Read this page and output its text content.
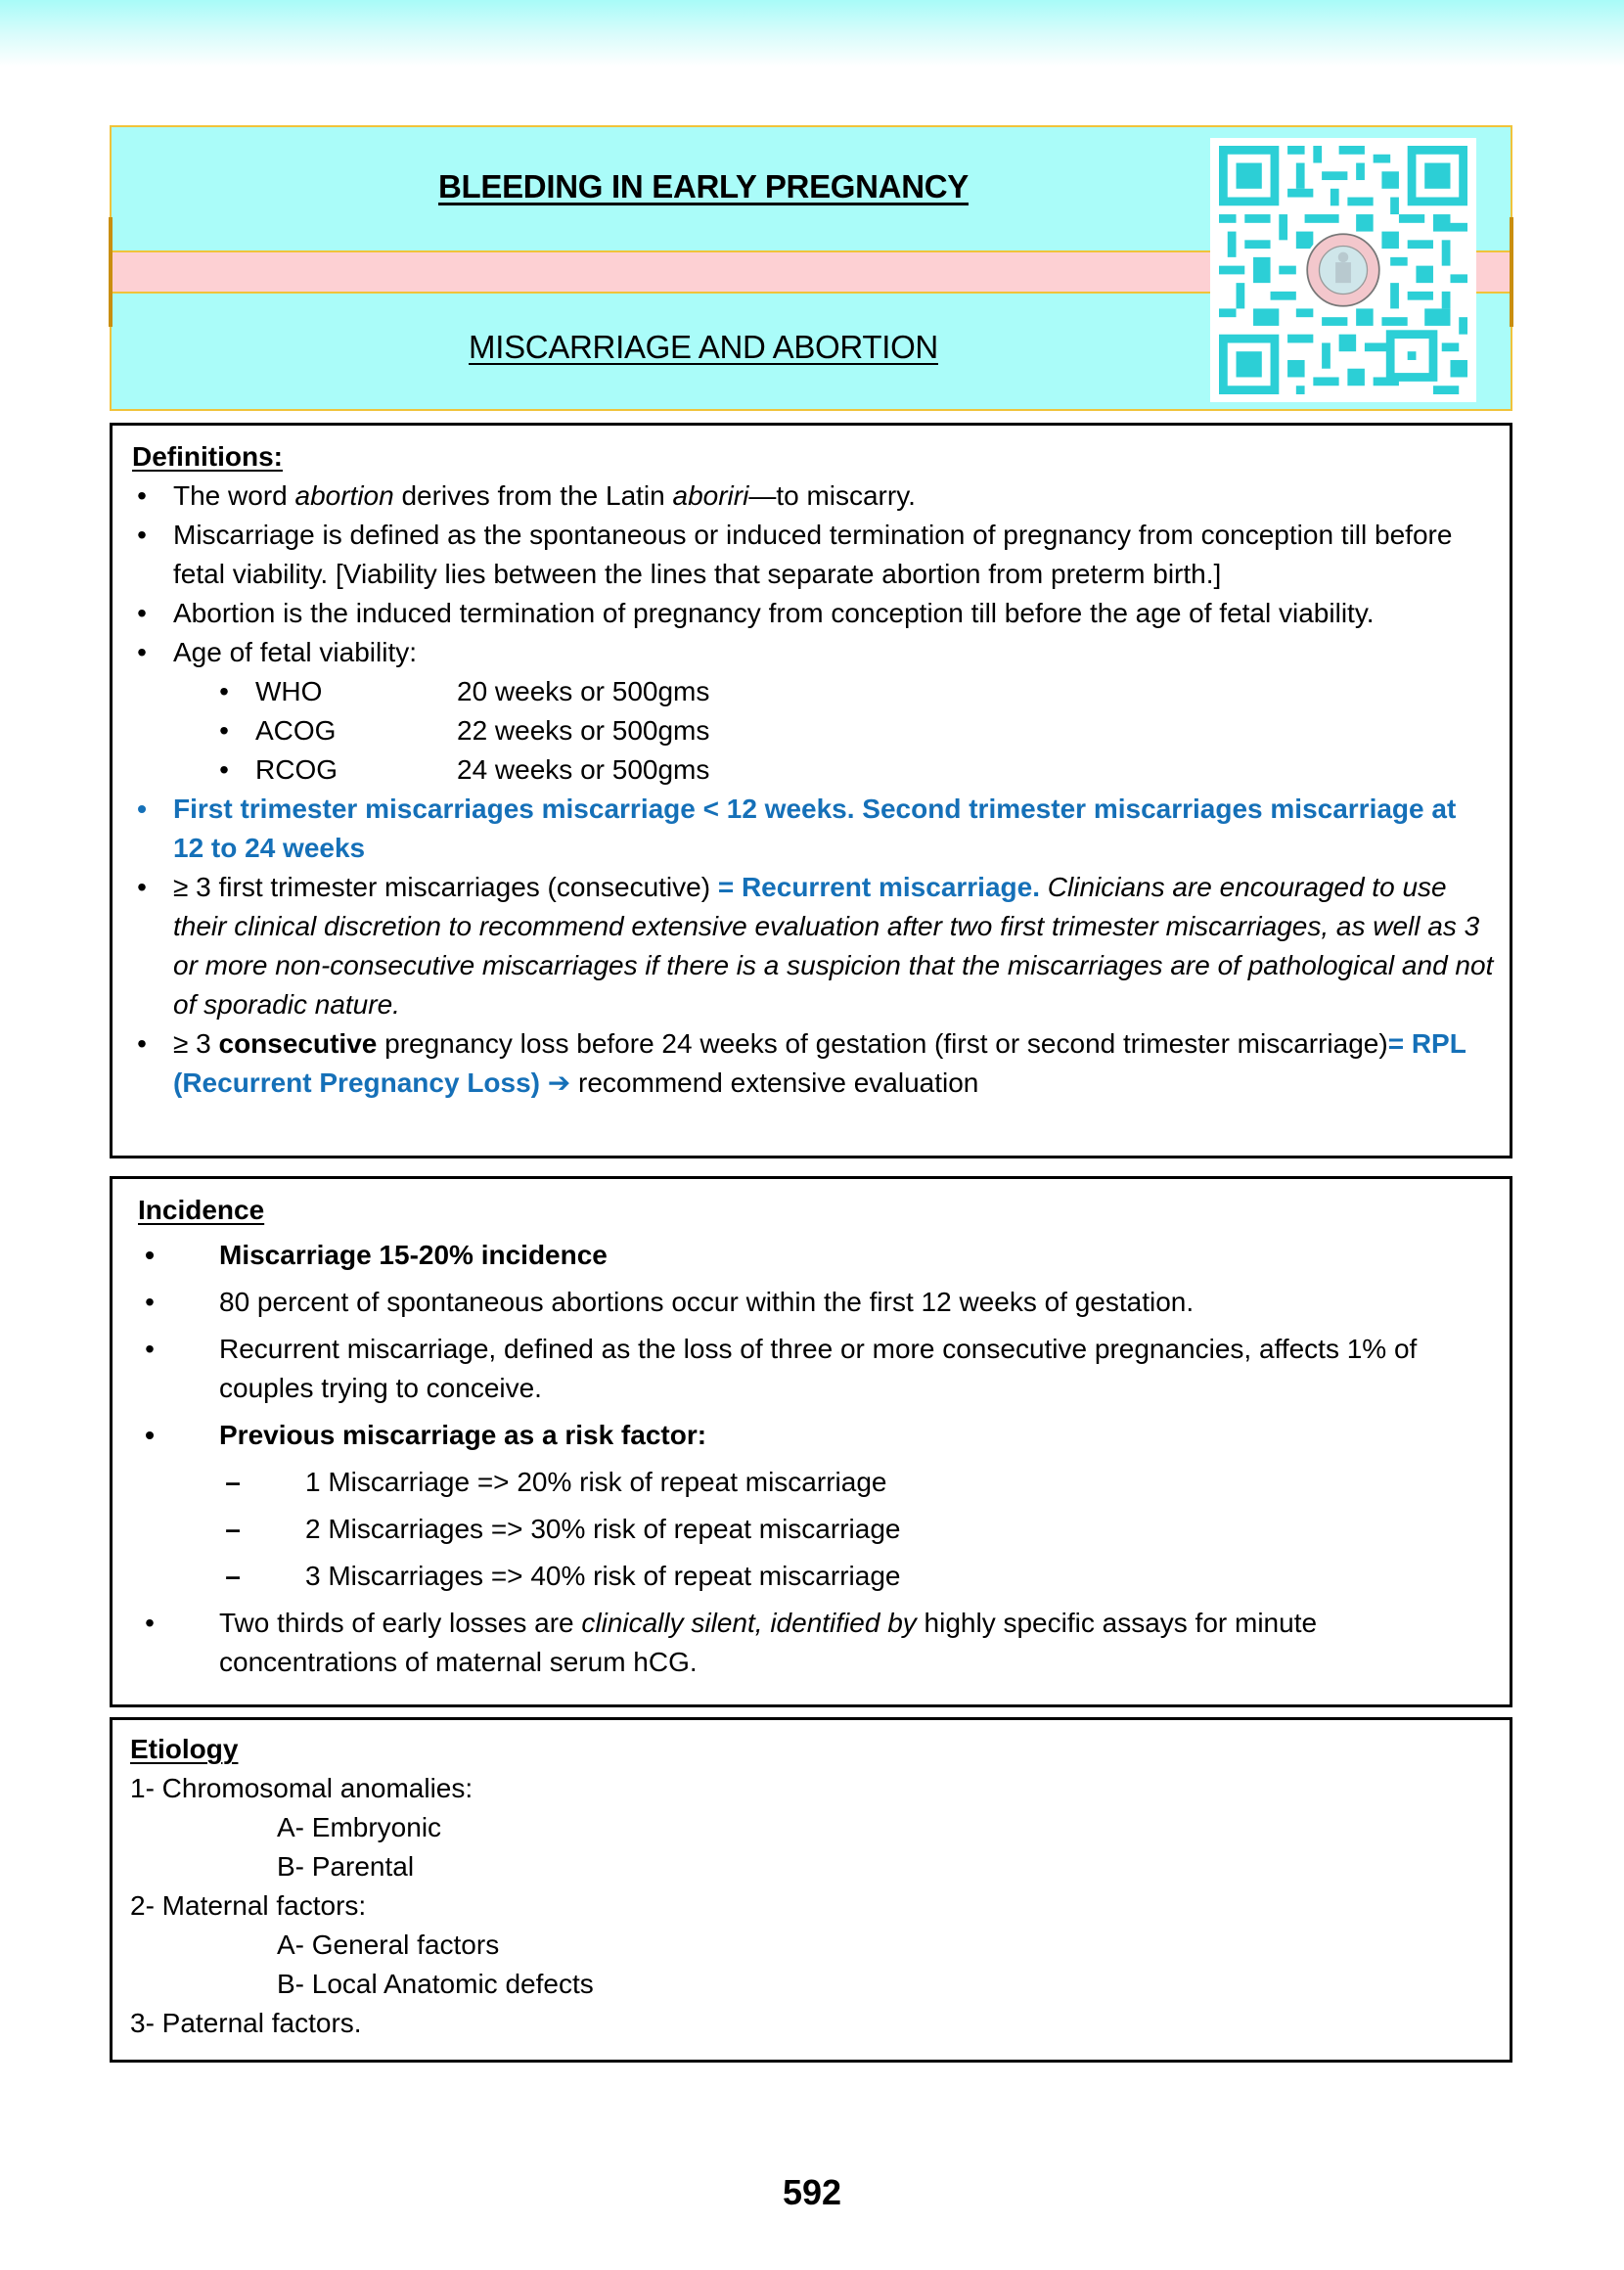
BLEEDING IN EARLY PREGNANCY
MISCARRIAGE AND ABORTION
Definitions:
• The word abortion derives from the Latin aboriri—to miscarry.
• Miscarriage is defined as the spontaneous or induced termination of pregnancy from conception till before fetal viability. [Viability lies between the lines that separate abortion from preterm birth.]
• Abortion is the induced termination of pregnancy from conception till before the age of fetal viability.
• Age of fetal viability:
• WHO	20 weeks or 500gms
• ACOG	22 weeks or 500gms
• RCOG	24 weeks or 500gms
• First trimester miscarriages miscarriage < 12 weeks. Second trimester miscarriages miscarriage at 12 to 24 weeks
• ≥ 3 first trimester miscarriages (consecutive) = Recurrent miscarriage. Clinicians are encouraged to use their clinical discretion to recommend extensive evaluation after two first trimester miscarriages, as well as 3 or more non-consecutive miscarriages if there is a suspicion that the miscarriages are of pathological and not of sporadic nature.
• ≥ 3 consecutive pregnancy loss before 24 weeks of gestation (first or second trimester miscarriage)= RPL (Recurrent Pregnancy Loss) ➔ recommend extensive evaluation
Incidence
• Miscarriage 15-20% incidence
• 80 percent of spontaneous abortions occur within the first 12 weeks of gestation.
• Recurrent miscarriage, defined as the loss of three or more consecutive pregnancies, affects 1% of couples trying to conceive.
• Previous miscarriage as a risk factor:
– 1 Miscarriage => 20% risk of repeat miscarriage
– 2 Miscarriages => 30% risk of repeat miscarriage
– 3 Miscarriages => 40% risk of repeat miscarriage
• Two thirds of early losses are clinically silent, identified by highly specific assays for minute concentrations of maternal serum hCG.
Etiology
1- Chromosomal anomalies:
A- Embryonic
B- Parental
2- Maternal factors:
A- General factors
B- Local Anatomic defects
3- Paternal factors.
592
